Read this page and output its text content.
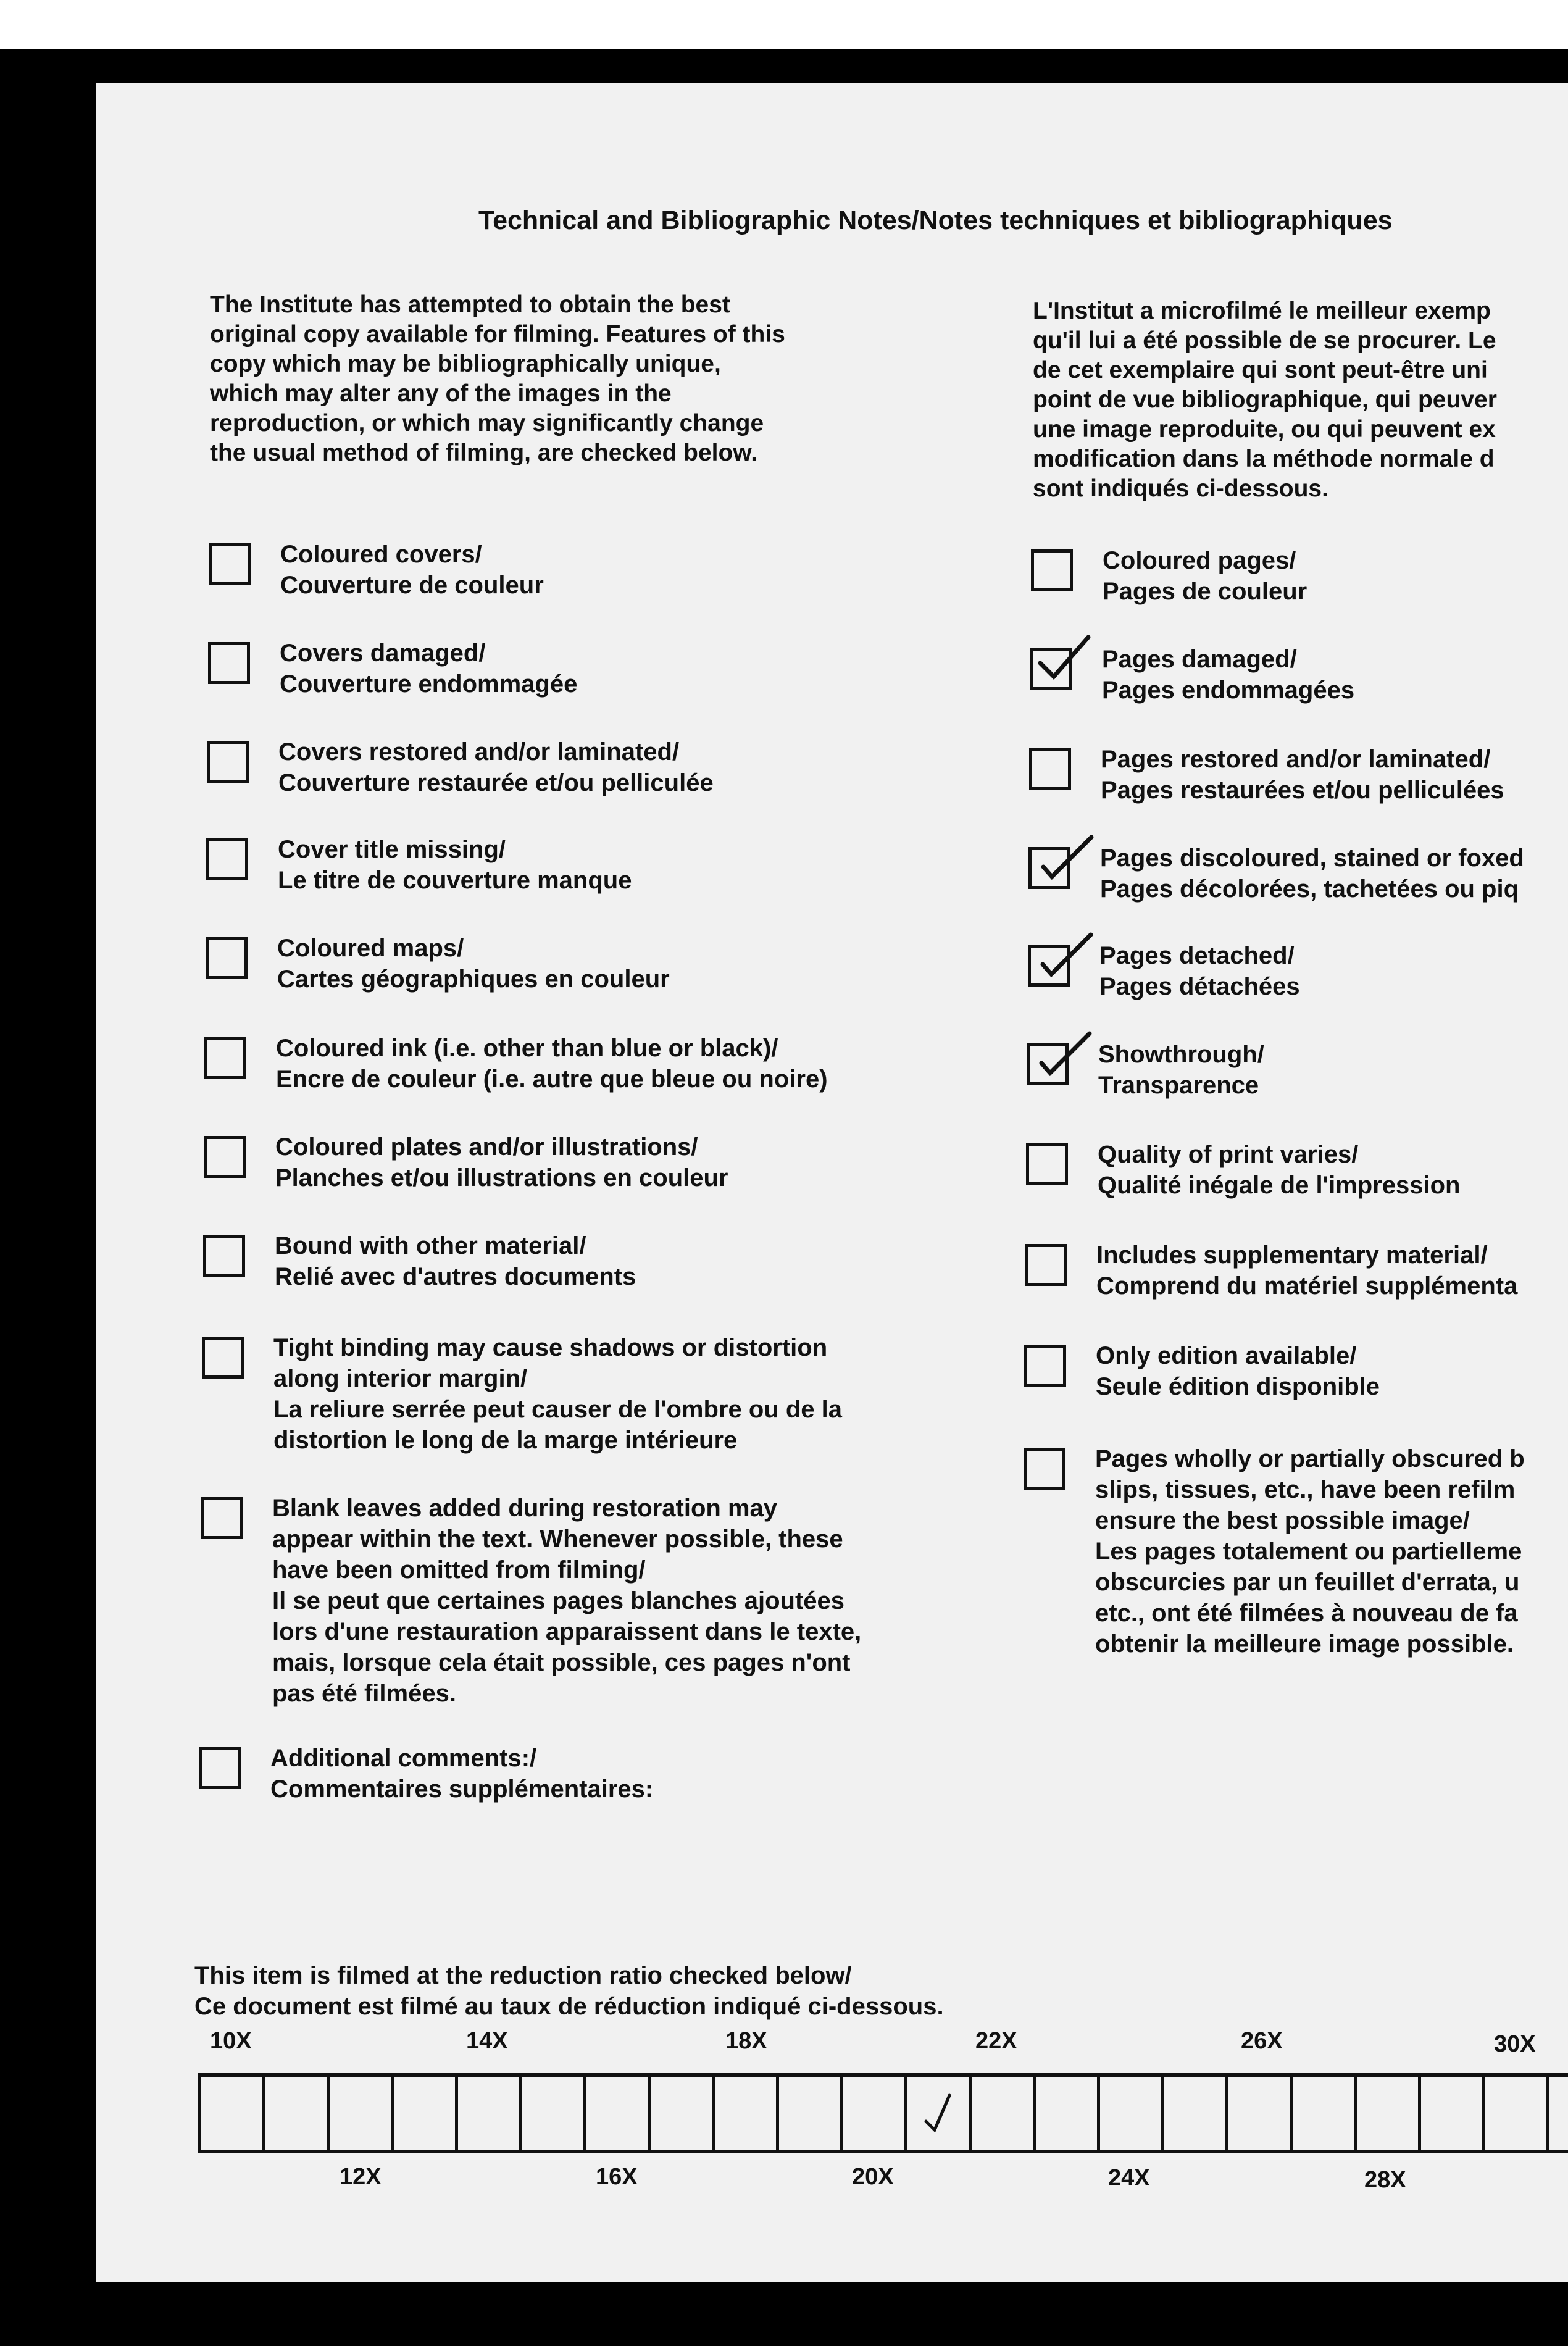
Technical and Bibliographic Notes/Notes techniques et bibliographiques
The Institute has attempted to obtain the best
original copy available for filming. Features of this
copy which may be bibliographically unique,
which may alter any of the images in the
reproduction, or which may significantly change
the usual method of filming, are checked below.
L'Institut a microfilmé le meilleur exemp
qu'il lui a été possible de se procurer. Le
de cet exemplaire qui sont peut-être uni
point de vue bibliographique, qui peuver
une image reproduite, ou qui peuvent ex
modification dans la méthode normale d
sont indiqués ci-dessous.
Coloured covers/
Couverture de couleur
Covers damaged/
Couverture endommagée
Covers restored and/or laminated/
Couverture restaurée et/ou pelliculée
Cover title missing/
Le titre de couverture manque
Coloured maps/
Cartes géographiques en couleur
Coloured ink (i.e. other than blue or black)/
Encre de couleur (i.e. autre que bleue ou noire)
Coloured plates and/or illustrations/
Planches et/ou illustrations en couleur
Bound with other material/
Relié avec d'autres documents
Tight binding may cause shadows or distortion
along interior margin/
La reliure serrée peut causer de l'ombre ou de la
distortion le long de la marge intérieure
Blank leaves added during restoration may
appear within the text. Whenever possible, these
have been omitted from filming/
Il se peut que certaines pages blanches ajoutées
lors d'une restauration apparaissent dans le texte,
mais, lorsque cela était possible, ces pages n'ont
pas été filmées.
Additional comments:/
Commentaires supplémentaires:
Coloured pages/
Pages de couleur
Pages damaged/
Pages endommagées
Pages restored and/or laminated/
Pages restaurées et/ou pelliculées
Pages discoloured, stained or foxed
Pages décolorées, tachetées ou piq
Pages detached/
Pages détachées
Showthrough/
Transparence
Quality of print varies/
Qualité inégale de l'impression
Includes supplementary material/
Comprend du matériel supplémenta
Only edition available/
Seule édition disponible
Pages wholly or partially obscured b
slips, tissues, etc., have been refilm
ensure the best possible image/
Les pages totalement ou partielleme
obscurcies par un feuillet d'errata, u
etc., ont été filmées à nouveau de fa
obtenir la meilleure image possible.
This item is filmed at the reduction ratio checked below/
Ce document est filmé au taux de réduction indiqué ci-dessous.
10X	14X	18X	22X	26X	30X
12X	16X	20X	24X	28X
